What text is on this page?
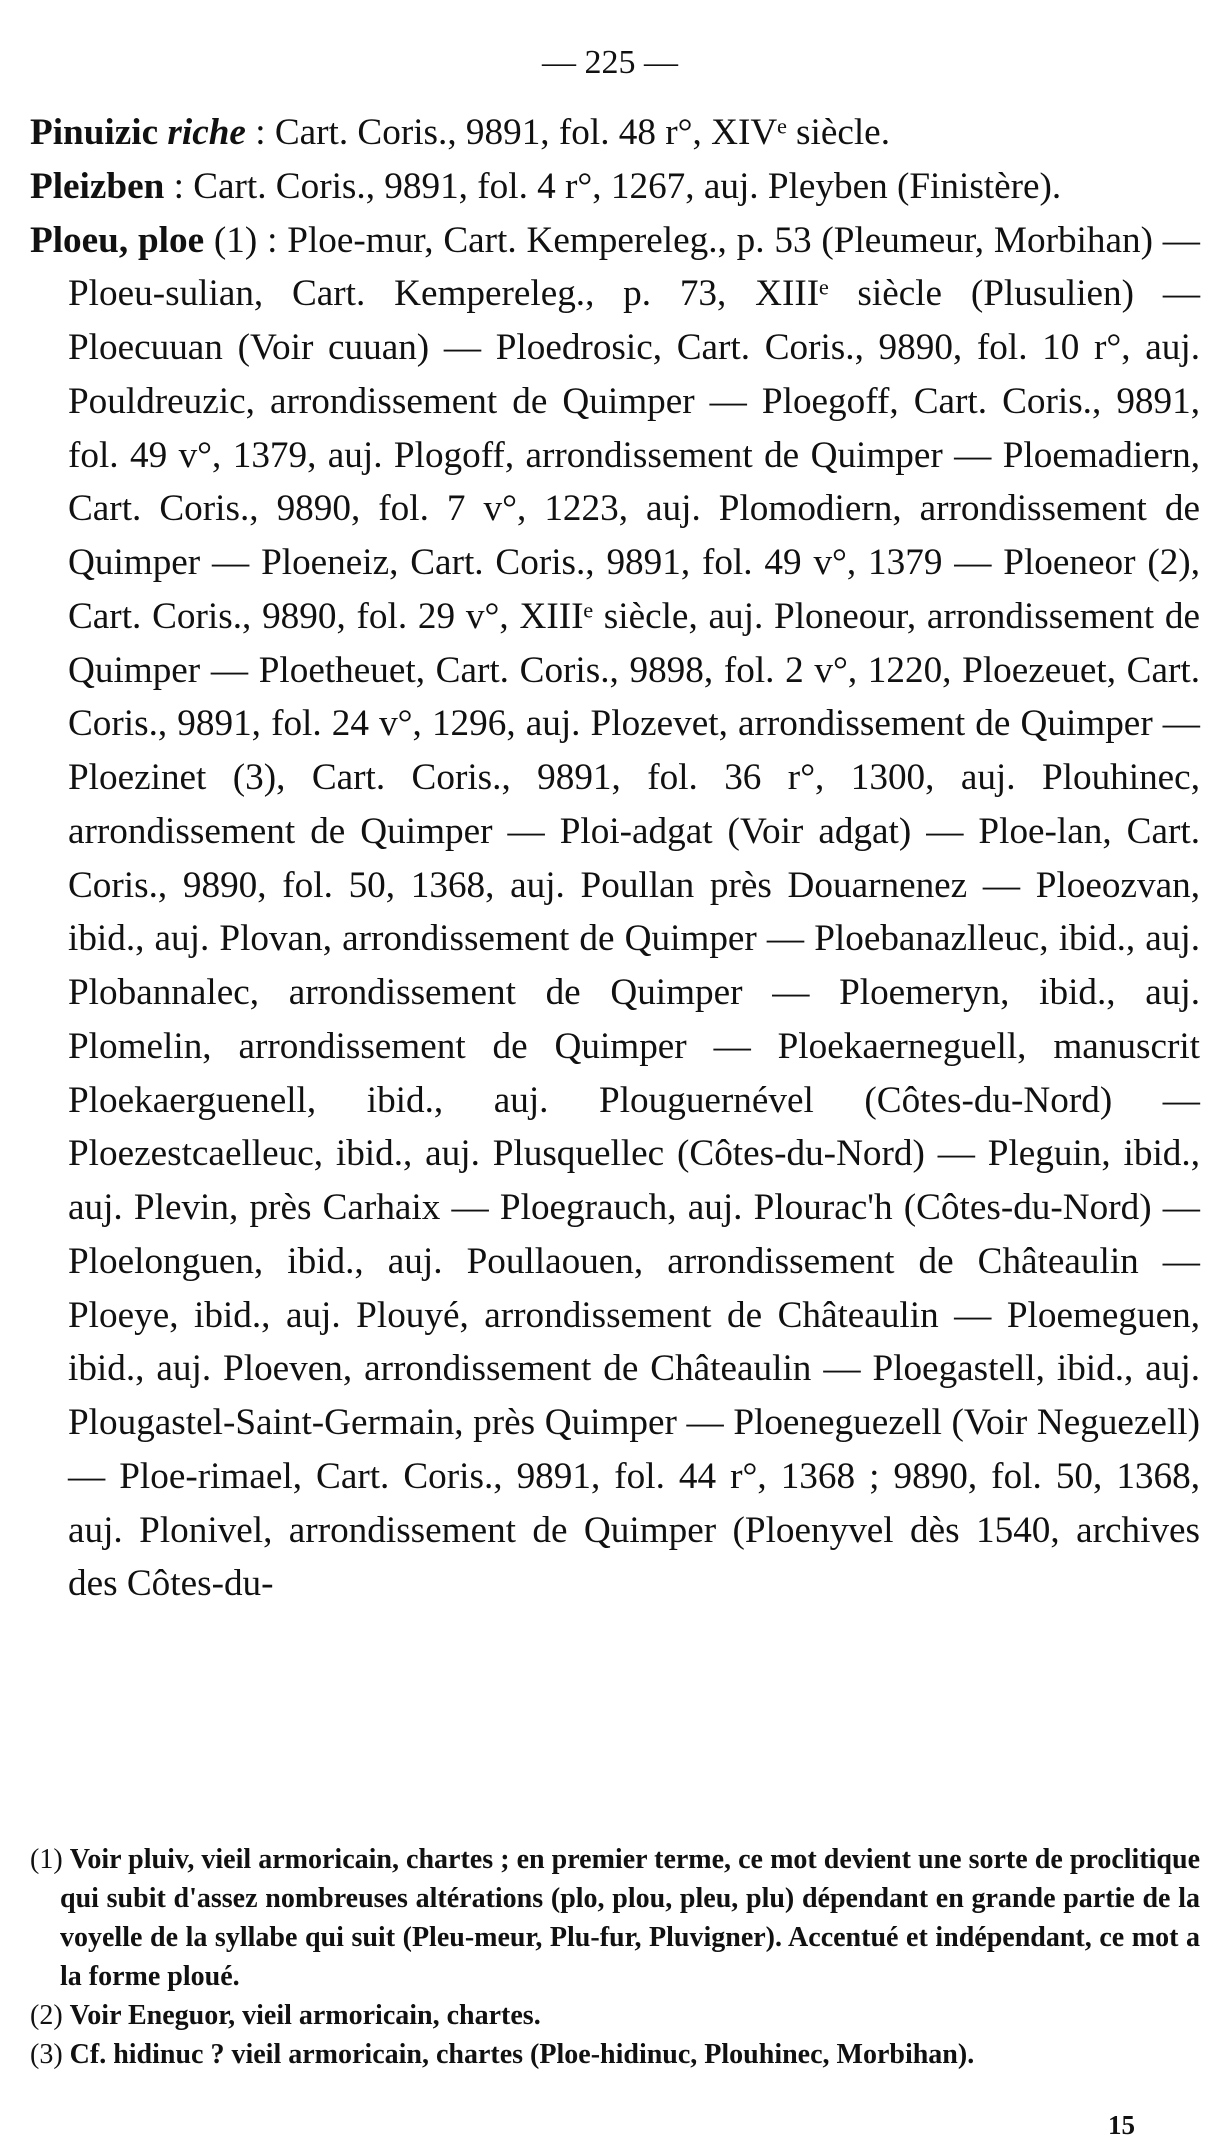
— 225 —

Pinuizic riche : Cart. Coris., 9891, fol. 48 r°, XIVᵉ siècle.

Pleizben : Cart. Coris., 9891, fol. 4 r°, 1267, auj. Pleyben (Finistère).

Ploeu, ploe (1) : Ploe-mur, Cart. Kempereleg., p. 53 (Pleumeur, Morbihan) — Ploeu-sulian, Cart. Kempereleg., p. 73, XIIIᵉ siècle (Plusulien) — Ploecuuan (Voir cuuan) — Ploedrosic, Cart. Coris., 9890, fol. 10 r°, auj. Pouldreuzic, arrondissement de Quimper — Ploegoff, Cart. Coris., 9891, fol. 49 v°, 1379, auj. Plogoff, arrondissement de Quimper — Ploemadiern, Cart. Coris., 9890, fol. 7 v°, 1223, auj. Plomodiern, arrondissement de Quimper — Ploeneiz, Cart. Coris., 9891, fol. 49 v°, 1379 — Ploeneor (2), Cart. Coris., 9890, fol. 29 v°, XIIIᵉ siècle, auj. Ploneour, arrondissement de Quimper — Ploetheuet, Cart. Coris., 9898, fol. 2 v°, 1220, Ploezeuet, Cart. Coris., 9891, fol. 24 v°, 1296, auj. Plozevet, arrondissement de Quimper — Ploezinet (3), Cart. Coris., 9891, fol. 36 r°, 1300, auj. Plouhinec, arrondissement de Quimper — Ploi-adgat (Voir adgat) — Ploe-lan, Cart. Coris., 9890, fol. 50, 1368, auj. Poullan près Douarnenez — Ploeozvan, ibid., auj. Plovan, arrondissement de Quimper — Ploebanazlleuc, ibid., auj. Plobannalec, arrondissement de Quimper — Ploemeryn, ibid., auj. Plomelin, arrondissement de Quimper — Ploekaerneguell, manuscrit Ploekaerguenell, ibid., auj. Plouguernével (Côtes-du-Nord) — Ploezestcaelleuc, ibid., auj. Plusquellec (Côtes-du-Nord) — Pleguin, ibid., auj. Plevin, près Carhaix — Ploegrauch, auj. Plourac'h (Côtes-du-Nord) — Ploelonguen, ibid., auj. Poullaouen, arrondissement de Châteaulin — Ploeye, ibid., auj. Plouyé, arrondissement de Châteaulin — Ploemeguen, ibid., auj. Ploeven, arrondissement de Châteaulin — Ploegastell, ibid., auj. Plougastel-Saint-Germain, près Quimper — Ploeneguezell (Voir Neguezell) — Ploe-rimael, Cart. Coris., 9891, fol. 44 r°, 1368 ; 9890, fol. 50, 1368, auj. Plonivel, arrondissement de Quimper (Ploenyvel dès 1540, archives des Côtes-du-

(1) Voir pluiv, vieil armoricain, chartes ; en premier terme, ce mot devient une sorte de proclitique qui subit d'assez nombreuses altérations (plo, plou, pleu, plu) dépendant en grande partie de la voyelle de la syllabe qui suit (Pleu-meur, Plu-fur, Pluvigner). Accentué et indépendant, ce mot a la forme ploué.

(2) Voir Eneguor, vieil armoricain, chartes.

(3) Cf. hidinuc ? vieil armoricain, chartes (Ploe-hidinuc, Plouhinec, Morbihan).

15
